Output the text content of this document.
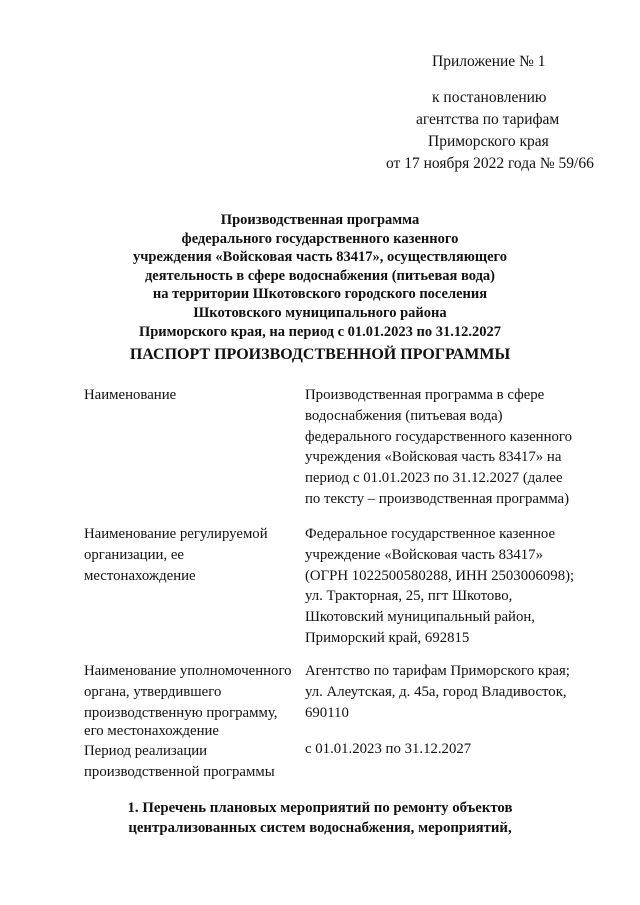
Приложение № 1
к постановлению
агентства по тарифам
Приморского края
от 17 ноября 2022 года № 59/66
Производственная программа
федерального государственного казенного
учреждения «Войсковая часть 83417», осуществляющего
деятельность в сфере водоснабжения (питьевая вода)
на территории Шкотовского городского поселения
Шкотовского муниципального района
Приморского края, на период с 01.01.2023 по 31.12.2027
ПАСПОРТ ПРОИЗВОДСТВЕННОЙ ПРОГРАММЫ
Наименование	Производственная программа в сфере
водоснабжения (питьевая вода)
федерального государственного казенного
учреждения «Войсковая часть 83417» на
период с 01.01.2023 по 31.12.2027 (далее
по тексту – производственная программа)
Наименование регулируемой
организации, ее
местонахождение
Федеральное государственное казенное
учреждение «Войсковая часть 83417»
(ОГРН 1022500580288, ИНН 2503006098);
ул. Тракторная, 25, пгт Шкотово,
Шкотовский муниципальный район,
Приморский край, 692815
Наименование уполномоченного
органа, утвердившего
производственную программу,
его местонахождение
Агентство по тарифам Приморского края;
ул. Алеутская, д. 45а, город Владивосток,
690110
Период реализации
производственной программы
с 01.01.2023 по 31.12.2027
1. Перечень плановых мероприятий по ремонту объектов
централизованных систем водоснабжения, мероприятий,
